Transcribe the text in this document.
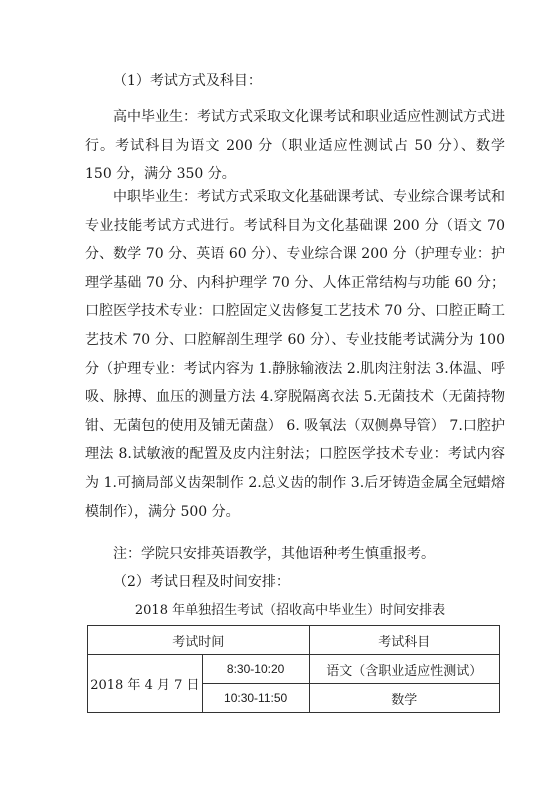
（1）考试方式及科目：

高中毕业生：考试方式采取文化课考试和职业适应性测试方式进行。考试科目为语文 200 分（职业适应性测试占 50 分）、数学 150 分，满分 350 分。

中职毕业生：考试方式采取文化基础课考试、专业综合课考试和专业技能考试方式进行。考试科目为文化基础课 200 分（语文 70 分、数学 70 分、英语 60 分）、专业综合课 200 分（护理专业：护理学基础 70 分、内科护理学 70 分、人体正常结构与功能 60 分；口腔医学技术专业：口腔固定义齿修复工艺技术 70 分、口腔正畸工艺技术 70 分、口腔解剖生理学 60 分）、专业技能考试满分为 100 分（护理专业：考试内容为 1.静脉输液法 2.肌肉注射法 3.体温、呼吸、脉搏、血压的测量方法 4.穿脱隔离衣法 5.无菌技术（无菌持物钳、无菌包的使用及铺无菌盘） 6. 吸氧法（双侧鼻导管） 7.口腔护理法 8.试敏液的配置及皮内注射法；口腔医学技术专业：考试内容为 1.可摘局部义齿架制作 2.总义齿的制作 3.后牙铸造金属全冠蜡熔模制作），满分 500 分。

注：学院只安排英语教学，其他语种考生慎重报考。

（2）考试日程及时间安排：

2018 年单独招生考试（招收高中毕业生）时间安排表
考试时间		考试科目
2018 年 4 月 7 日	8:30-10:20	语文（含职业适应性测试）
	10:30-11:50	数学
